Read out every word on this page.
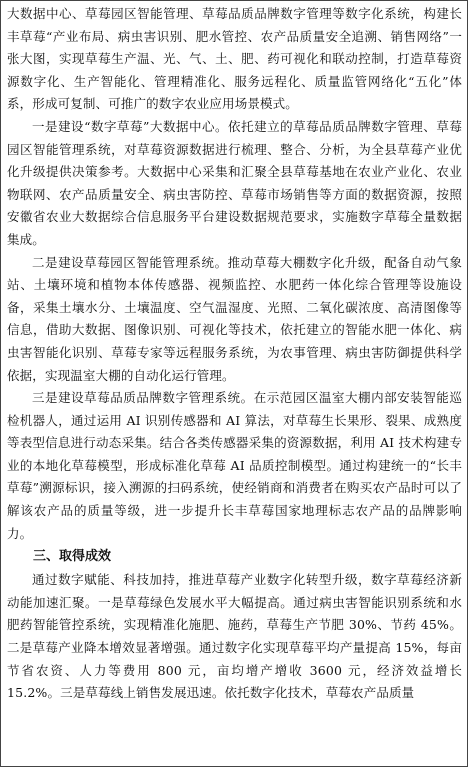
大数据中心、草莓园区智能管理、草莓品质品牌数字管理等数字化系统，构建长丰草莓“产业布局、病虫害识别、肥水管控、农产品质量安全追溯、销售网络”一张大图，实现草莓生产温、光、气、土、肥、药可视化和联动控制，打造草莓资源数字化、生产智能化、管理精准化、服务远程化、质量监管网络化“五化”体系，形成可复制、可推广的数字农业应用场景模式。

一是建设“数字草莓”大数据中心。依托建立的草莓品质品牌数字管理、草莓园区智能管理系统，对草莓资源数据进行梳理、整合、分析，为全县草莓产业优化升级提供决策参考。大数据中心采集和汇聚全县草莓基地在农业产业化、农业物联网、农产品质量安全、病虫害防控、草莓市场销售等方面的数据资源，按照安徽省农业大数据综合信息服务平台建设数据规范要求，实施数字草莓全量数据集成。

二是建设草莓园区智能管理系统。推动草莓大棚数字化升级，配备自动气象站、土壤环境和植物本体传感器、视频监控、水肥药一体化综合管理等设施设备，采集土壤水分、土壤温度、空气温湿度、光照、二氧化碳浓度、高清图像等信息，借助大数据、图像识别、可视化等技术，依托建立的智能水肥一体化、病虫害智能化识别、草莓专家等远程服务系统，为农事管理、病虫害防御提供科学依据，实现温室大棚的自动化运行管理。

三是建设草莓品质品牌数字管理系统。在示范园区温室大棚内部安装智能巡检机器人，通过运用 AI 识别传感器和 AI 算法，对草莓生长果形、裂果、成熟度等表型信息进行动态采集。结合各类传感器采集的资源数据，利用 AI 技术构建专业的本地化草莓模型，形成标准化草莓 AI 品质控制模型。通过构建统一的“长丰草莓”溯源标识，接入溯源的扫码系统，使经销商和消费者在购买农产品时可以了解该农产品的质量等级，进一步提升长丰草莓国家地理标志农产品的品牌影响力。

三、取得成效

通过数字赋能、科技加持，推进草莓产业数字化转型升级，数字草莓经济新动能加速汇聚。一是草莓绿色发展水平大幅提高。通过病虫害智能识别系统和水肥药智能管控系统，实现精准化施肥、施药，草莓生产节肥 30%、节药 45%。二是草莓产业降本增效显著增强。通过数字化实现草莓平均产量提高 15%，每亩节省农资、人力等费用 800 元，亩均增产增收 3600 元，经济效益增长 15.2%。三是草莓线上销售发展迅速。依托数字化技术，草莓农产品质量
